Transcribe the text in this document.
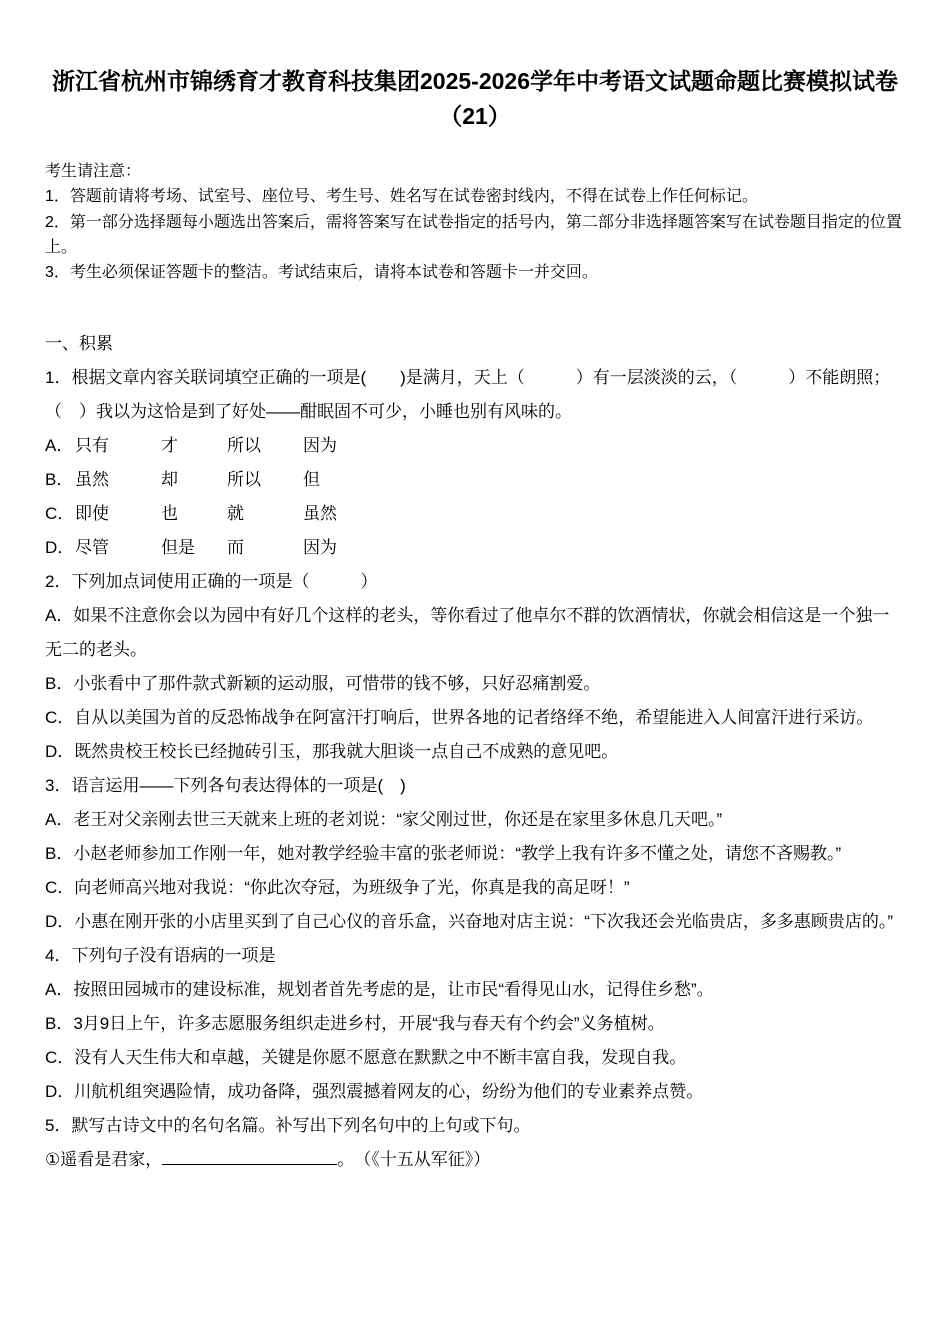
浙江省杭州市锦绣育才教育科技集团2025-2026学年中考语文试题命题比赛模拟试卷
（21）

考生请注意：

1．答题前请将考场、试室号、座位号、考生号、姓名写在试卷密封线内，不得在试卷上作任何标记。

2．第一部分选择题每小题选出答案后，需将答案写在试卷指定的括号内，第二部分非选择题答案写在试卷题目指定的位置上。

3．考生必须保证答题卡的整洁。考试结束后，请将本试卷和答题卡一并交回。

一、积累

1．根据文章内容关联词填空正确的一项是(　　)是满月，天上（　　　）有一层淡淡的云，（　　　）不能朗照；（　）我以为这恰是到了好处——酣眠固不可少，小睡也别有风味的。

A．只有	才	所以 因为

B．虽然	却	所以 但

C．即使	也	就	虽然

D．尽管	但是 而	因为

2．下列加点词使用正确的一项是（　　　）

A．如果不注意你会以为园中有好几个这样的老头，等你看过了他卓尔不群的饮酒情状，你就会相信这是一个独一无二的老头。

B．小张看中了那件款式新颖的运动服，可惜带的钱不够，只好忍痛割爱。

C．自从以美国为首的反恐怖战争在阿富汗打响后，世界各地的记者络绎不绝，希望能进入人间富汗进行采访。

D．既然贵校王校长已经抛砖引玉，那我就大胆谈一点自己不成熟的意见吧。

3．语言运用——下列各句表达得体的一项是(　)

A．老王对父亲刚去世三天就来上班的老刘说：“家父刚过世，你还是在家里多休息几天吧。”

B．小赵老师参加工作刚一年，她对教学经验丰富的张老师说：“教学上我有许多不懂之处，请您不吝赐教。”

C．向老师高兴地对我说：“你此次夺冠，为班级争了光，你真是我的高足呀！”

D．小惠在刚开张的小店里买到了自己心仪的音乐盒，兴奋地对店主说：“下次我还会光临贵店，多多惠顾贵店的。”

4．下列句子没有语病的一项是

A．按照田园城市的建设标准，规划者首先考虑的是，让市民“看得见山水，记得住乡愁”。

B．3月9日上午，许多志愿服务组织走进乡村，开展“我与春天有个约会”义务植树。

C．没有人天生伟大和卓越，关键是你愿不愿意在默默之中不断丰富自我，发现自我。

D．川航机组突遇险情，成功备降，强烈震撼着网友的心，纷纷为他们的专业素养点赞。

5．默写古诗文中的名句名篇。补写出下列名句中的上句或下句。

①遥看是君家，	。　（《十五从军征》）
